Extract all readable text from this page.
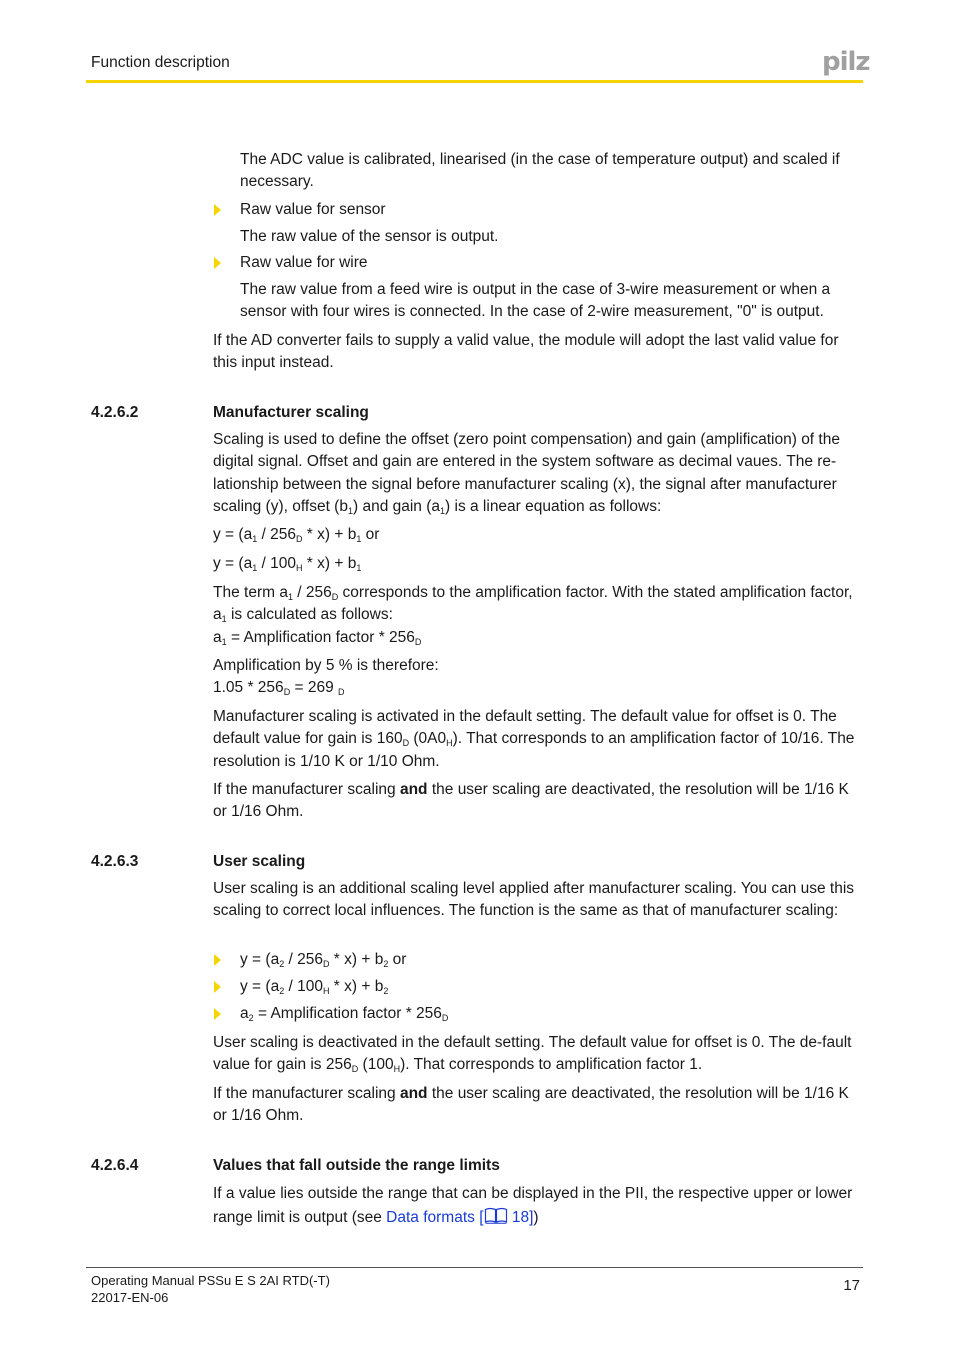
Function description	pilz

The ADC value is calibrated, linearised (in the case of temperature output) and scaled if necessary.

Raw value for sensor

The raw value of the sensor is output.

Raw value for wire

The raw value from a feed wire is output in the case of 3-wire measurement or when a sensor with four wires is connected. In the case of 2-wire measurement, "0" is output.

If the AD converter fails to supply a valid value, the module will adopt the last valid value for this input instead.

4.2.6.2	Manufacturer scaling

Scaling is used to define the offset (zero point compensation) and gain (amplification) of the digital signal. Offset and gain are entered in the system software as decimal vaues. The re-lationship between the signal before manufacturer scaling (x), the signal after manufacturer scaling (y), offset $(b_1)$ and gain $(a_1)$ is a linear equation as follows:

$y = (a_1 / 256_D * x) + b_1$ or

$y = (a_1 / 100_H * x) + b_1$

The term $a_1 / 256_D$ corresponds to the amplification factor. With the stated amplification factor, $a_1$ is calculated as follows:
$a_1$ = Amplification factor * $256_D$

Amplification by 5 % is therefore:
$1.05 * 256_D = 269$ $_D$

Manufacturer scaling is activated in the default setting. The default value for offset is 0. The default value for gain is $160_D$ $(0A0_H)$. That corresponds to an amplification factor of 10/16. The resolution is 1/10 K or 1/10 Ohm.

If the manufacturer scaling and the user scaling are deactivated, the resolution will be 1/16 K or 1/16 Ohm.

4.2.6.3	User scaling

User scaling is an additional scaling level applied after manufacturer scaling. You can use this scaling to correct local influences. The function is the same as that of manufacturer scaling:

$y = (a_2 / 256_D * x) + b_2$ or
$y = (a_2 / 100_H * x) + b_2$
$a_2$ = Amplification factor * $256_D$

User scaling is deactivated in the default setting. The default value for offset is 0. The de-fault value for gain is $256_D$ $(100_H)$. That corresponds to amplification factor 1.

If the manufacturer scaling and the user scaling are deactivated, the resolution will be 1/16 K or 1/16 Ohm.

4.2.6.4	Values that fall outside the range limits

If a value lies outside the range that can be displayed in the PII, the respective upper or lower range limit is output (see Data formats [ 18])

Operating Manual PSSu E S 2AI RTD(-T)
22017-EN-06
17
